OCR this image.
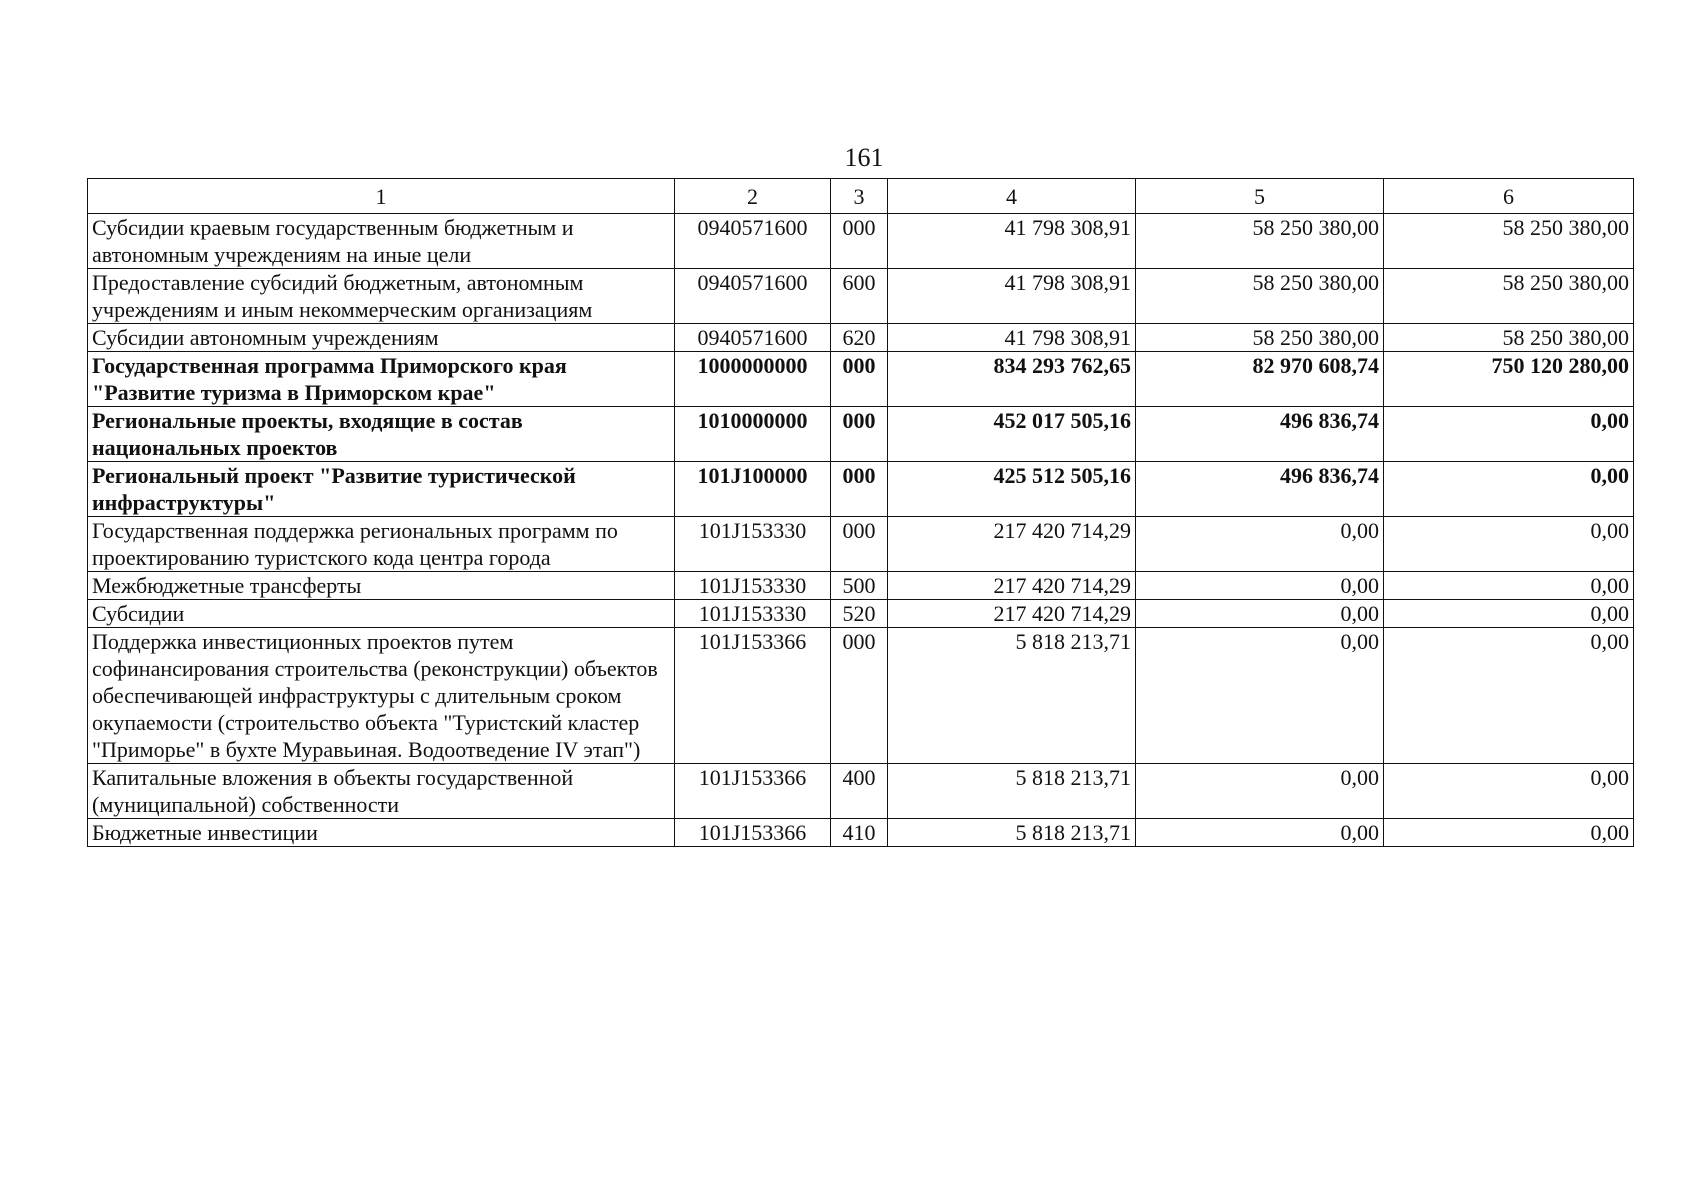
161
1	2	3	4	5	6
Субсидии краевым государственным бюджетным и автономным учреждениям на иные цели	0940571600	000	41 798 308,91	58 250 380,00	58 250 380,00
Предоставление субсидий бюджетным, автономным учреждениям и иным некоммерческим организациям	0940571600	600	41 798 308,91	58 250 380,00	58 250 380,00
Субсидии автономным учреждениям	0940571600	620	41 798 308,91	58 250 380,00	58 250 380,00
Государственная программа Приморского края "Развитие туризма в Приморском крае"	1000000000	000	834 293 762,65	82 970 608,74	750 120 280,00
Региональные проекты, входящие в состав национальных проектов	1010000000	000	452 017 505,16	496 836,74	0,00
Региональный проект "Развитие туристической инфраструктуры"	101J100000	000	425 512 505,16	496 836,74	0,00
Государственная поддержка региональных программ по проектированию туристского кода центра города	101J153330	000	217 420 714,29	0,00	0,00
Межбюджетные трансферты	101J153330	500	217 420 714,29	0,00	0,00
Субсидии	101J153330	520	217 420 714,29	0,00	0,00
Поддержка инвестиционных проектов путем софинансирования строительства (реконструкции) объектов обеспечивающей инфраструктуры с длительным сроком окупаемости (строительство объекта "Туристский кластер "Приморье" в бухте Муравьиная. Водоотведение IV этап")	101J153366	000	5 818 213,71	0,00	0,00
Капитальные вложения в объекты государственной (муниципальной) собственности	101J153366	400	5 818 213,71	0,00	0,00
Бюджетные инвестиции	101J153366	410	5 818 213,71	0,00	0,00
